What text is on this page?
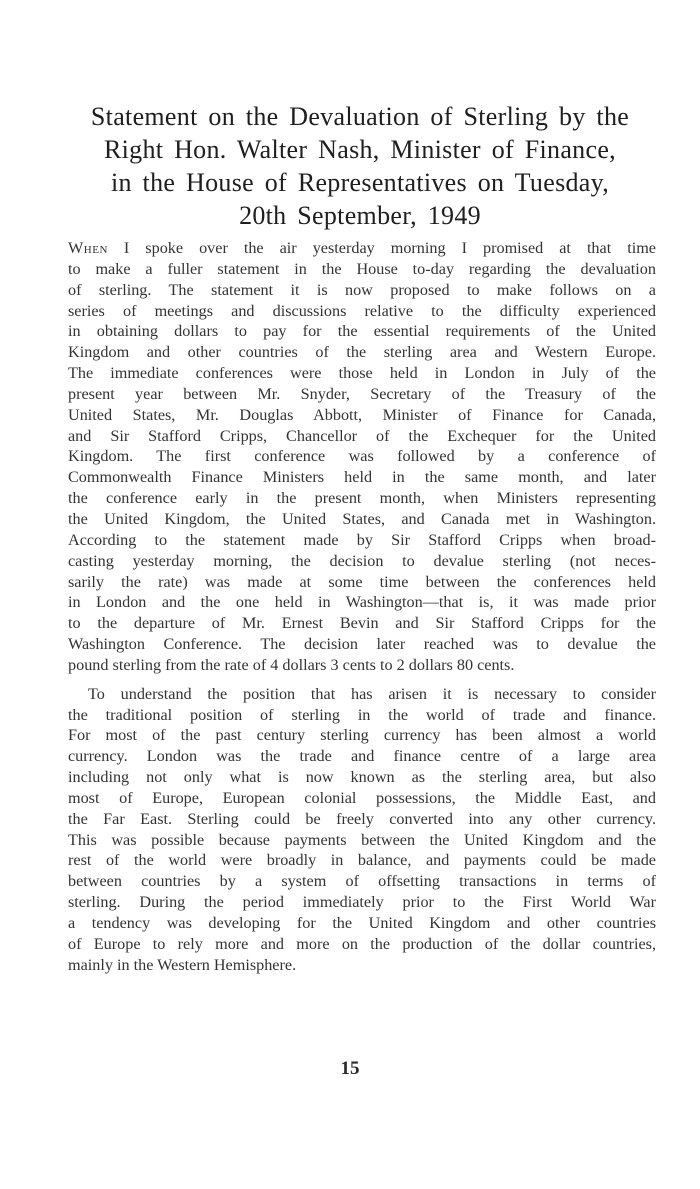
Statement on the Devaluation of Sterling by the
Right Hon. Walter Nash, Minister of Finance,
in the House of Representatives on Tuesday,
20th September, 1949

When I spoke over the air yesterday morning I promised at that time
to make a fuller statement in the House to-day regarding the devaluation
of sterling. The statement it is now proposed to make follows on a
series of meetings and discussions relative to the difficulty experienced
in obtaining dollars to pay for the essential requirements of the United
Kingdom and other countries of the sterling area and Western Europe.
The immediate conferences were those held in London in July of the
present year between Mr. Snyder, Secretary of the Treasury of the
United States, Mr. Douglas Abbott, Minister of Finance for Canada,
and Sir Stafford Cripps, Chancellor of the Exchequer for the United
Kingdom. The first conference was followed by a conference of
Commonwealth Finance Ministers held in the same month, and later
the conference early in the present month, when Ministers representing
the United Kingdom, the United States, and Canada met in Washington.
According to the statement made by Sir Stafford Cripps when broad-
casting yesterday morning, the decision to devalue sterling (not neces-
sarily the rate) was made at some time between the conferences held
in London and the one held in Washington—that is, it was made prior
to the departure of Mr. Ernest Bevin and Sir Stafford Cripps for the
Washington Conference. The decision later reached was to devalue the
pound sterling from the rate of 4 dollars 3 cents to 2 dollars 80 cents.

To understand the position that has arisen it is necessary to consider
the traditional position of sterling in the world of trade and finance.
For most of the past century sterling currency has been almost a world
currency. London was the trade and finance centre of a large area
including not only what is now known as the sterling area, but also
most of Europe, European colonial possessions, the Middle East, and
the Far East. Sterling could be freely converted into any other currency.
This was possible because payments between the United Kingdom and the
rest of the world were broadly in balance, and payments could be made
between countries by a system of offsetting transactions in terms of
sterling. During the period immediately prior to the First World War
a tendency was developing for the United Kingdom and other countries
of Europe to rely more and more on the production of the dollar countries,
mainly in the Western Hemisphere.

15
